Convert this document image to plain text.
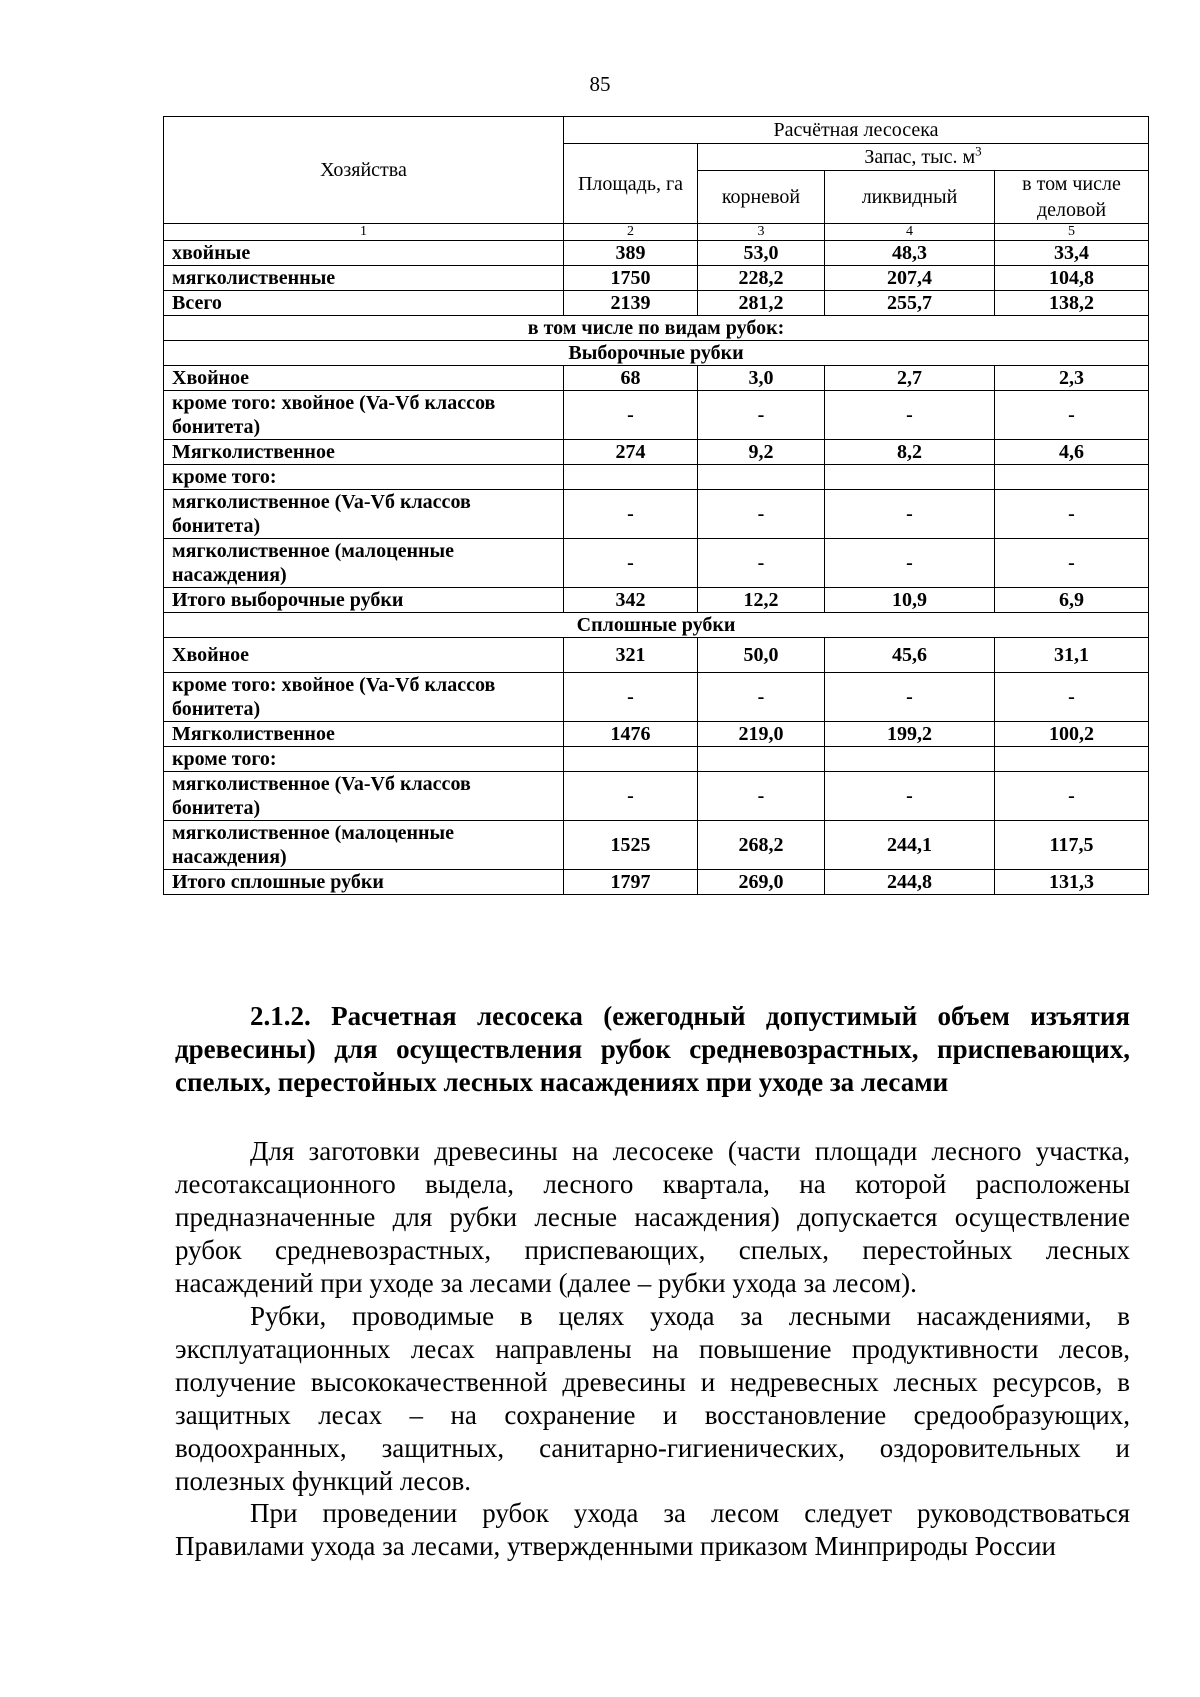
85
Хозяйства	Расчётная лесосека			
	Площадь, га	Запас, тыс. $м^3$
		корневой	ликвидный	в том числе деловой
1	2	3	4	5
хвойные	389	53,0	48,3	33,4
мягколиственные	1750	228,2	207,4	104,8
Всего	2139	281,2	255,7	138,2
в том числе по видам рубок:				
Выборочные рубки				
Хвойное	68	3,0	2,7	2,3
кроме того: хвойное (Va-Vб классов бонитета)	-	-	-	-
Мягколиственное	274	9,2	8,2	4,6
кроме того:				
мягколиственное (Va-Vб классов бонитета)	-	-	-	-
мягколиственное (малоценные насаждения)	-	-	-	-
Итого выборочные рубки	342	12,2	10,9	6,9
Сплошные рубки				
Хвойное	321	50,0	45,6	31,1
кроме того: хвойное (Va-Vб классов бонитета)	-	-	-	-
Мягколиственное	1476	219,0	199,2	100,2
кроме того:				
мягколиственное (Va-Vб классов бонитета)	-	-	-	-
мягколиственное (малоценные насаждения)	1525	268,2	244,1	117,5
Итого сплошные рубки	1797	269,0	244,8	131,3
2.1.2. Расчетная лесосека (ежегодный допустимый объем изъятия древесины) для осуществления рубок средневозрастных, приспевающих, спелых, перестойных лесных насаждениях при уходе за лесами

Для заготовки древесины на лесосеке (части площади лесного участка, лесотаксационного выдела, лесного квартала, на которой расположены предназначенные для рубки лесные насаждения) допускается осуществление рубок средневозрастных, приспевающих, спелых, перестойных лесных насаждений при уходе за лесами (далее – рубки ухода за лесом).

Рубки, проводимые в целях ухода за лесными насаждениями, в эксплуатационных лесах направлены на повышение продуктивности лесов, получение высококачественной древесины и недревесных лесных ресурсов, в защитных лесах – на сохранение и восстановление средообразующих, водоохранных, защитных, санитарно-гигиенических, оздоровительных и полезных функций лесов.

При проведении рубок ухода за лесом следует руководствоваться Правилами ухода за лесами, утвержденными приказом Минприроды России
